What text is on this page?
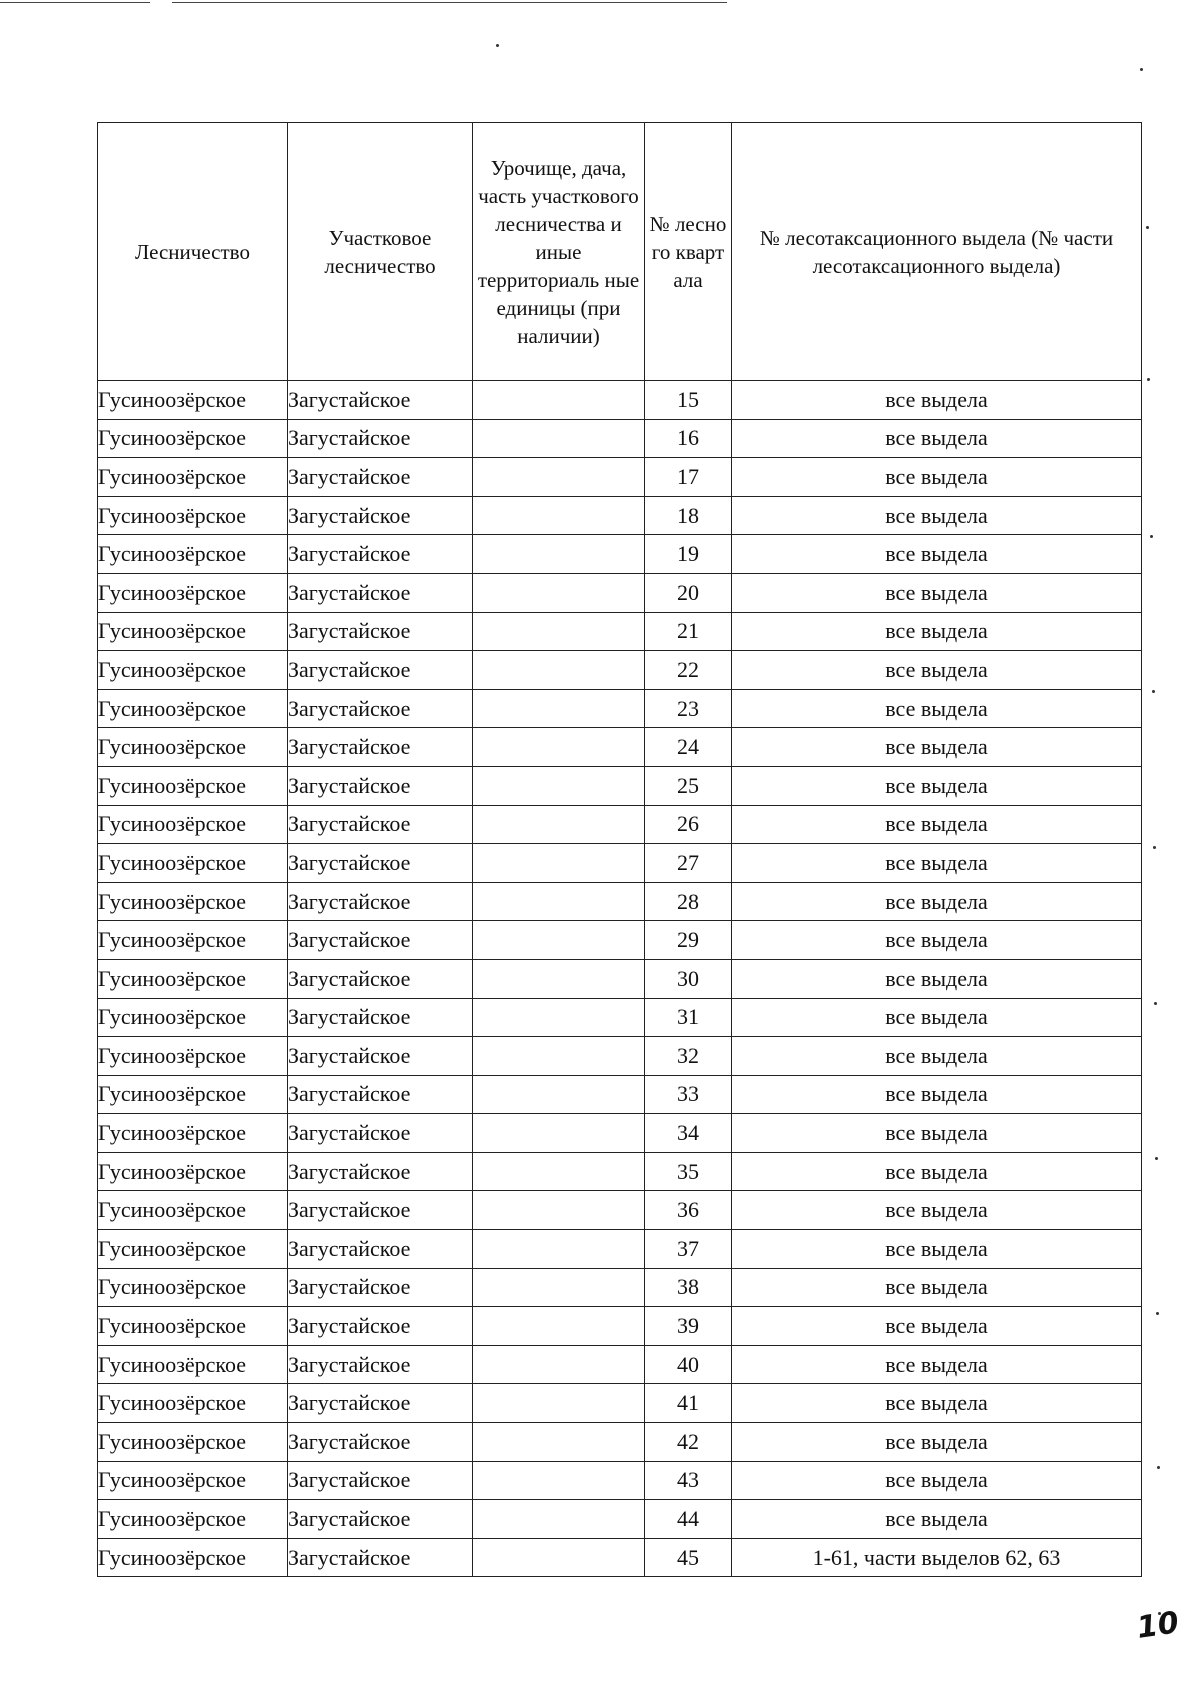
Лесничество	Участковое лесничество	Урочище, дача, часть участкового лесничества и иные территориаль ные единицы (при наличии)	№ лесно го кварт ала	№ лесотаксационного выдела (№ части лесотаксационного выдела)
Гусиноозёрское	Загустайское		15	все выдела
Гусиноозёрское	Загустайское		16	все выдела
Гусиноозёрское	Загустайское		17	все выдела
Гусиноозёрское	Загустайское		18	все выдела
Гусиноозёрское	Загустайское		19	все выдела
Гусиноозёрское	Загустайское		20	все выдела
Гусиноозёрское	Загустайское		21	все выдела
Гусиноозёрское	Загустайское		22	все выдела
Гусиноозёрское	Загустайское		23	все выдела
Гусиноозёрское	Загустайское		24	все выдела
Гусиноозёрское	Загустайское		25	все выдела
Гусиноозёрское	Загустайское		26	все выдела
Гусиноозёрское	Загустайское		27	все выдела
Гусиноозёрское	Загустайское		28	все выдела
Гусиноозёрское	Загустайское		29	все выдела
Гусиноозёрское	Загустайское		30	все выдела
Гусиноозёрское	Загустайское		31	все выдела
Гусиноозёрское	Загустайское		32	все выдела
Гусиноозёрское	Загустайское		33	все выдела
Гусиноозёрское	Загустайское		34	все выдела
Гусиноозёрское	Загустайское		35	все выдела
Гусиноозёрское	Загустайское		36	все выдела
Гусиноозёрское	Загустайское		37	все выдела
Гусиноозёрское	Загустайское		38	все выдела
Гусиноозёрское	Загустайское		39	все выдела
Гусиноозёрское	Загустайское		40	все выдела
Гусиноозёрское	Загустайское		41	все выдела
Гусиноозёрское	Загустайское		42	все выдела
Гусиноозёрское	Загустайское		43	все выдела
Гусиноозёрское	Загустайское		44	все выдела
Гусиноозёрское	Загустайское		45	1-61, части выделов 62, 63
10
